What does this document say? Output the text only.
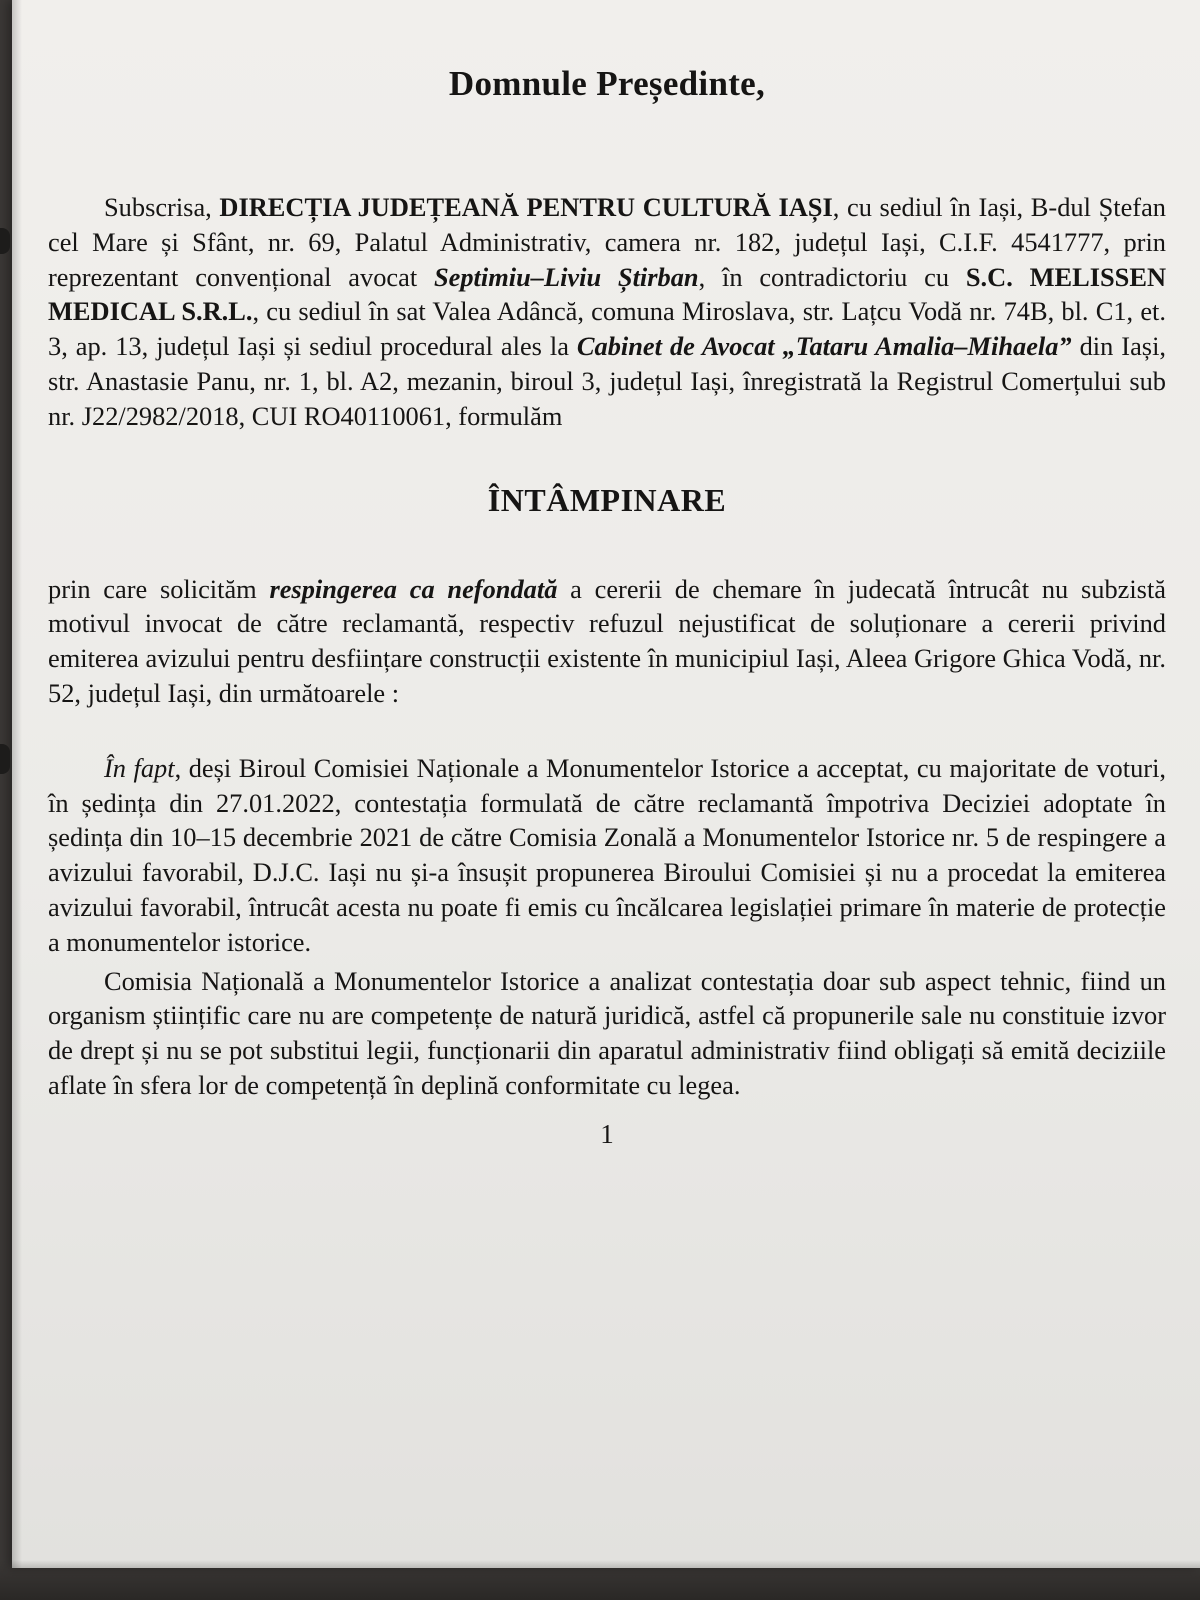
Domnule Președinte,

Subscrisa, DIRECȚIA JUDEȚEANĂ PENTRU CULTURĂ IAȘI, cu sediul în Iași, B-dul Ștefan cel Mare și Sfânt, nr. 69, Palatul Administrativ, camera nr. 182, județul Iași, C.I.F. 4541777, prin reprezentant convențional avocat Septimiu–Liviu Știrban, în contradictoriu cu S.C. MELISSEN MEDICAL S.R.L., cu sediul în sat Valea Adâncă, comuna Miroslava, str. Lațcu Vodă nr. 74B, bl. C1, et. 3, ap. 13, județul Iași și sediul procedural ales la Cabinet de Avocat „Tataru Amalia–Mihaela” din Iași, str. Anastasie Panu, nr. 1, bl. A2, mezanin, biroul 3, județul Iași, înregistrată la Registrul Comerțului sub nr. J22/2982/2018, CUI RO40110061, formulăm

ÎNTÂMPINARE

prin care solicităm respingerea ca nefondată a cererii de chemare în judecată întrucât nu subzistă motivul invocat de către reclamantă, respectiv refuzul nejustificat de soluționare a cererii privind emiterea avizului pentru desființare construcții existente în municipiul Iași, Aleea Grigore Ghica Vodă, nr. 52, județul Iași, din următoarele :

În fapt, deși Biroul Comisiei Naționale a Monumentelor Istorice a acceptat, cu majoritate de voturi, în ședința din 27.01.2022, contestația formulată de către reclamantă împotriva Deciziei adoptate în ședința din 10–15 decembrie 2021 de către Comisia Zonală a Monumentelor Istorice nr. 5 de respingere a avizului favorabil, D.J.C. Iași nu și-a însușit propunerea Biroului Comisiei și nu a procedat la emiterea avizului favorabil, întrucât acesta nu poate fi emis cu încălcarea legislației primare în materie de protecție a monumentelor istorice.

Comisia Națională a Monumentelor Istorice a analizat contestația doar sub aspect tehnic, fiind un organism științific care nu are competențe de natură juridică, astfel că propunerile sale nu constituie izvor de drept și nu se pot substitui legii, funcționarii din aparatul administrativ fiind obligați să emită deciziile aflate în sfera lor de competență în deplină conformitate cu legea.

1
